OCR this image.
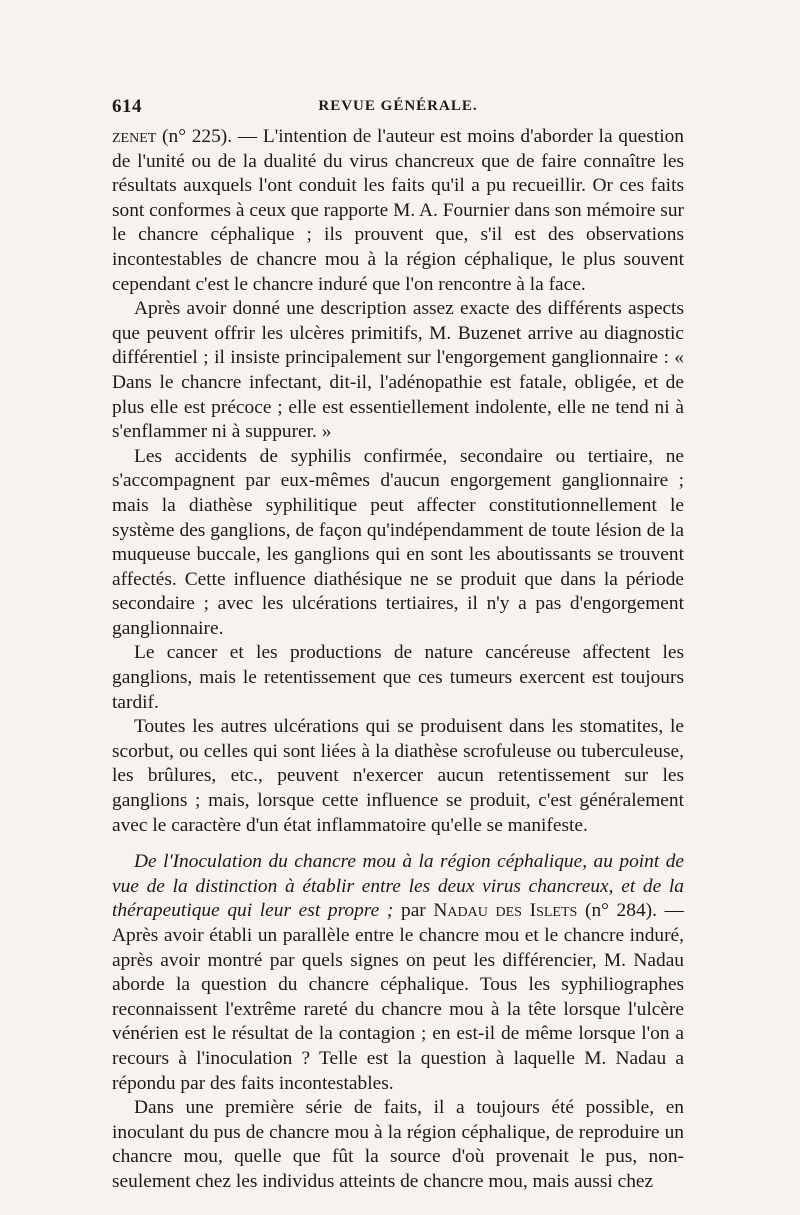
614	REVUE GÉNÉRALE.

zenet (n° 225). — L'intention de l'auteur est moins d'aborder la question de l'unité ou de la dualité du virus chancreux que de faire connaître les résultats auxquels l'ont conduit les faits qu'il a pu recueillir. Or ces faits sont conformes à ceux que rapporte M. A. Fournier dans son mémoire sur le chancre céphalique ; ils prouvent que, s'il est des observations incontestables de chancre mou à la région céphalique, le plus souvent cependant c'est le chancre induré que l'on rencontre à la face.

Après avoir donné une description assez exacte des différents aspects que peuvent offrir les ulcères primitifs, M. Buzenet arrive au diagnostic différentiel ; il insiste principalement sur l'engorgement ganglionnaire : « Dans le chancre infectant, dit-il, l'adénopathie est fatale, obligée, et de plus elle est précoce ; elle est essentiellement indolente, elle ne tend ni à s'enflammer ni à suppurer. »

Les accidents de syphilis confirmée, secondaire ou tertiaire, ne s'accompagnent par eux-mêmes d'aucun engorgement ganglionnaire ; mais la diathèse syphilitique peut affecter constitutionnellement le système des ganglions, de façon qu'indépendamment de toute lésion de la muqueuse buccale, les ganglions qui en sont les aboutissants se trouvent affectés. Cette influence diathésique ne se produit que dans la période secondaire ; avec les ulcérations tertiaires, il n'y a pas d'engorgement ganglionnaire.

Le cancer et les productions de nature cancéreuse affectent les ganglions, mais le retentissement que ces tumeurs exercent est toujours tardif.

Toutes les autres ulcérations qui se produisent dans les stomatites, le scorbut, ou celles qui sont liées à la diathèse scrofuleuse ou tuberculeuse, les brûlures, etc., peuvent n'exercer aucun retentissement sur les ganglions ; mais, lorsque cette influence se produit, c'est généralement avec le caractère d'un état inflammatoire qu'elle se manifeste.

De l'Inoculation du chancre mou à la région céphalique, au point de vue de la distinction à établir entre les deux virus chancreux, et de la thérapeutique qui leur est propre ; par Nadau des Islets (n° 284). — Après avoir établi un parallèle entre le chancre mou et le chancre induré, après avoir montré par quels signes on peut les différencier, M. Nadau aborde la question du chancre céphalique. Tous les syphiliographes reconnaissent l'extrême rareté du chancre mou à la tête lorsque l'ulcère vénérien est le résultat de la contagion ; en est-il de même lorsque l'on a recours à l'inoculation ? Telle est la question à laquelle M. Nadau a répondu par des faits incontestables.

Dans une première série de faits, il a toujours été possible, en inoculant du pus de chancre mou à la région céphalique, de reproduire un chancre mou, quelle que fût la source d'où provenait le pus, non-seulement chez les individus atteints de chancre mou, mais aussi chez
